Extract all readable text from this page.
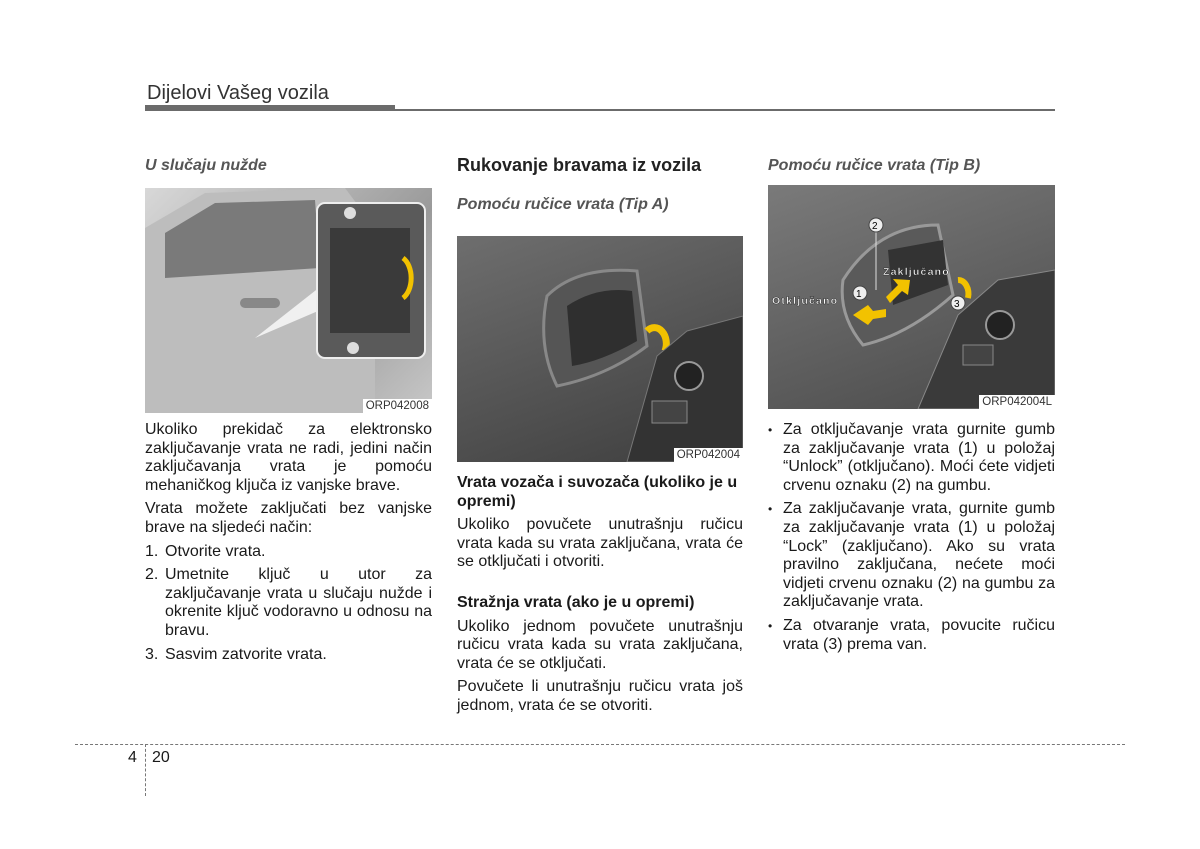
Dijelovi Vašeg vozila
U slučaju nužde
ORP042008

Ukoliko prekidač za elektronsko zaključavanje vrata ne radi, jedini način zaključavanja vrata je pomoću mehaničkog ključa iz vanjske brave.

Vrata možete zaključati bez vanjske brave na sljedeći način:

1. Otvorite vrata.
2. Umetnite ključ u utor za zaključavanje vrata u slučaju nužde i okrenite ključ vodoravno u odnosu na bravu.
3. Sasvim zatvorite vrata.
Rukovanje bravama iz vozila
Pomoću ručice vrata (Tip A)
ORP042004

Vrata vozača i suvozača (ukoliko je u opremi)

Ukoliko povučete unutrašnju ručicu vrata kada su vrata zaključana, vrata će se otključati i otvoriti.

Stražnja vrata (ako je u opremi)

Ukoliko jednom povučete unutrašnju ručicu vrata kada su vrata zaključana, vrata će se otključati.

Povučete li unutrašnju ručicu vrata još jednom, vrata će se otvoriti.

Pomoću ručice vrata (Tip B)
2
1
3
Zaključano
Otključano
ORP042004L
• Za otključavanje vrata gurnite gumb za zaključavanje vrata (1) u položaj “Unlock” (otključano). Moći ćete vidjeti crvenu oznaku (2) na gumbu.
• Za zaključavanje vrata, gurnite gumb za zaključavanje vrata (1) u položaj “Lock” (zaključano). Ako su vrata pravilno zaključana, nećete moći vidjeti crvenu oznaku (2) na gumbu za zaključavanje vrata.
• Za otvaranje vrata, povucite ručicu vrata (3) prema van.
4 20
